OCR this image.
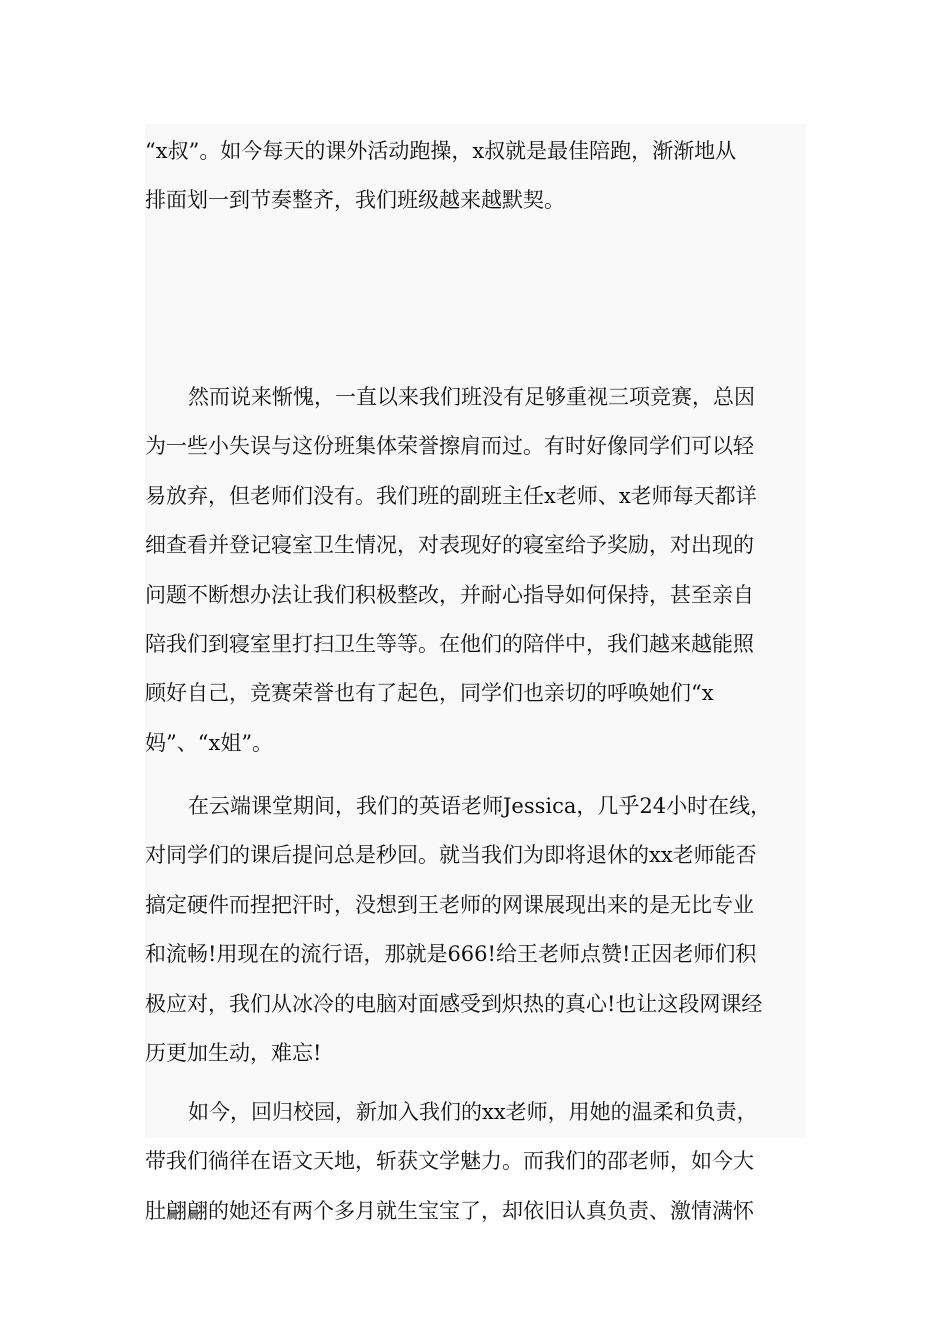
“x叔”。如今每天的课外活动跑操，x叔就是最佳陪跑，渐渐地从
排面划一到节奏整齐，我们班级越来越默契。

然而说来惭愧，一直以来我们班没有足够重视三项竞赛，总因
为一些小失误与这份班集体荣誉擦肩而过。有时好像同学们可以轻
易放弃，但老师们没有。我们班的副班主任x老师、x老师每天都详
细查看并登记寝室卫生情况，对表现好的寝室给予奖励，对出现的
问题不断想办法让我们积极整改，并耐心指导如何保持，甚至亲自
陪我们到寝室里打扫卫生等等。在他们的陪伴中，我们越来越能照
顾好自己，竞赛荣誉也有了起色，同学们也亲切的呼唤她们“x
妈”、“x姐”。

在云端课堂期间，我们的英语老师Jessica，几乎24小时在线，
对同学们的课后提问总是秒回。就当我们为即将退休的xx老师能否
搞定硬件而捏把汗时，没想到王老师的网课展现出来的是无比专业
和流畅!用现在的流行语，那就是666!给王老师点赞!正因老师们积
极应对，我们从冰冷的电脑对面感受到炽热的真心!也让这段网课经
历更加生动，难忘!

如今，回归校园，新加入我们的xx老师，用她的温柔和负责，
带我们徜徉在语文天地，斩获文学魅力。而我们的邵老师，如今大
肚翩翩的她还有两个多月就生宝宝了，却依旧认真负责、激情满怀
